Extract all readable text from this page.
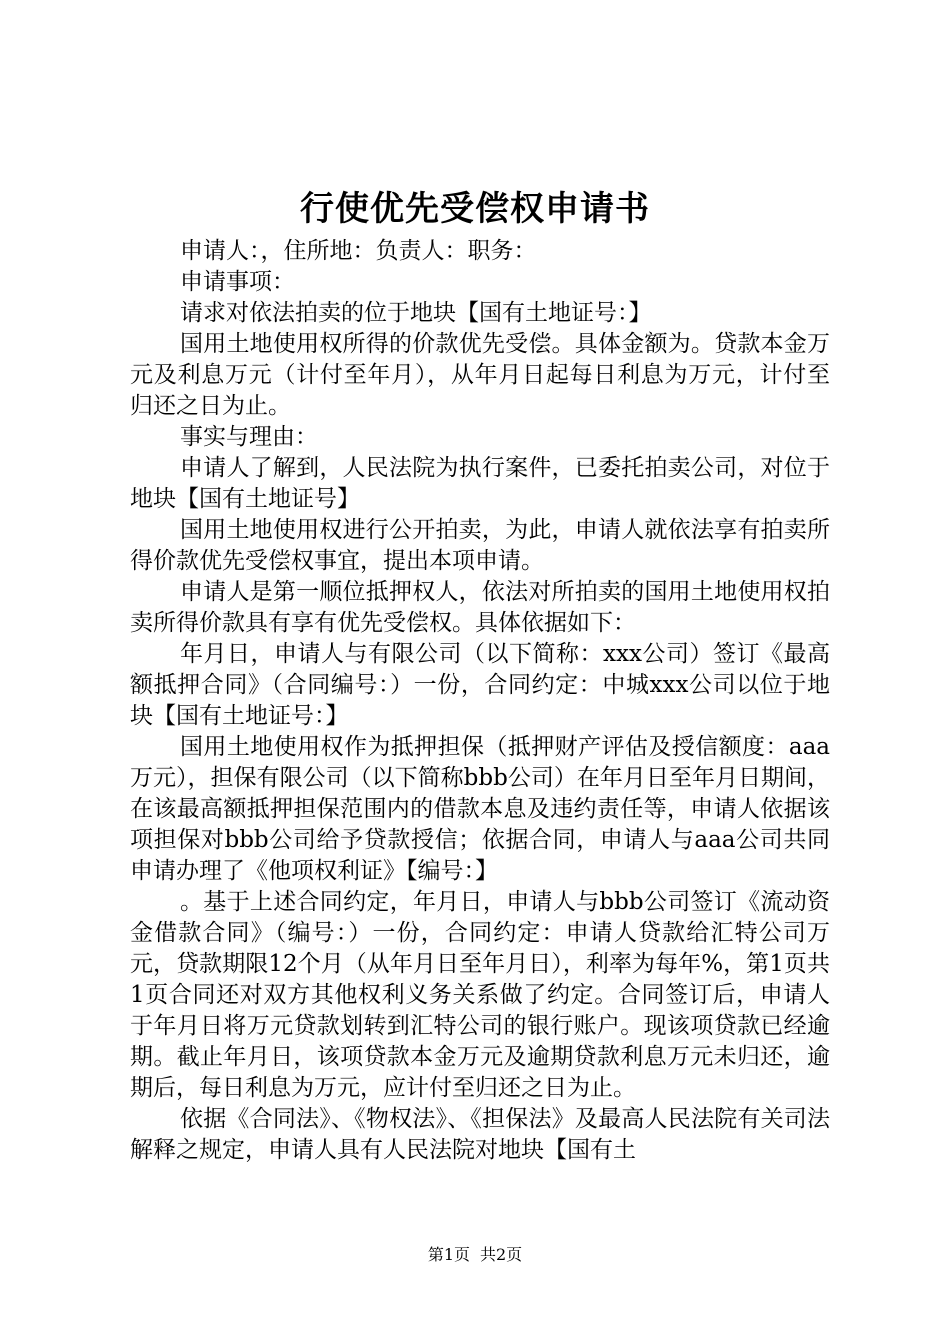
行使优先受偿权申请书

申请人：，住所地：负责人：职务：

申请事项：

请求对依法拍卖的位于地块【国有土地证号：】

国用土地使用权所得的价款优先受偿。具体金额为。贷款本金万元及利息万元（计付至年月），从年月日起每日利息为万元，计付至归还之日为止。

事实与理由：

申请人了解到，人民法院为执行案件，已委托拍卖公司，对位于地块【国有土地证号】

国用土地使用权进行公开拍卖，为此，申请人就依法享有拍卖所得价款优先受偿权事宜，提出本项申请。

申请人是第一顺位抵押权人，依法对所拍卖的国用土地使用权拍卖所得价款具有享有优先受偿权。具体依据如下：

年月日，申请人与有限公司（以下简称：xxx公司）签订《最高额抵押合同》（合同编号：）一份，合同约定：中城xxx公司以位于地块【国有土地证号：】

国用土地使用权作为抵押担保（抵押财产评估及授信额度：aaa万元），担保有限公司（以下简称bbb公司）在年月日至年月日期间，在该最高额抵押担保范围内的借款本息及违约责任等，申请人依据该项担保对bbb公司给予贷款授信；依据合同，申请人与aaa公司共同申请办理了《他项权利证》【编号：】

。基于上述合同约定，年月日，申请人与bbb公司签订《流动资金借款合同》（编号：）一份，合同约定：申请人贷款给汇特公司万元，贷款期限12个月（从年月日至年月日），利率为每年%，第1页共1页合同还对双方其他权利义务关系做了约定。合同签订后，申请人于年月日将万元贷款划转到汇特公司的银行账户。现该项贷款已经逾期。截止年月日，该项贷款本金万元及逾期贷款利息万元未归还，逾期后，每日利息为万元，应计付至归还之日为止。

依据《合同法》、《物权法》、《担保法》及最高人民法院有关司法解释之规定，申请人具有人民法院对地块【国有土

第1页 共2页
